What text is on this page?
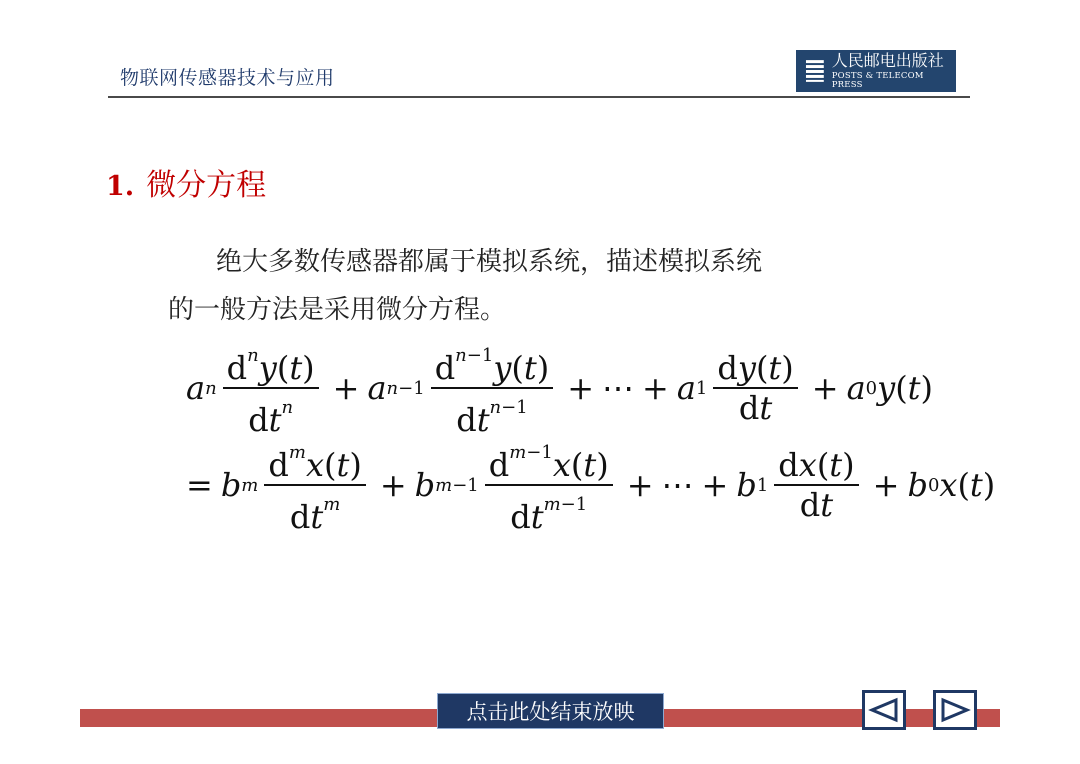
物联网传感器技术与应用
人民邮电出版社
POSTS & TELECOM PRESS
1. 微分方程

绝大多数传感器都属于模拟系统，描述模拟系统

的一般方法是采用微分方程。

a n $\frac{d^ny(t)}{dt^n} + a$ $n-1 \frac{d^{n-1}y(t)}{dt^{n-1}}$ + ⋯ + a $1 \frac{dy(t)}{dt} + a$ 0 y ( t )
= b m $\frac{d^mx(t)}{dt^m} + b$ $m-1 \frac{d^{m-1}x(t)}{dt^{m-1}}$ + ⋯ + b $1 \frac{dx(t)}{dt} + b$ 0 x ( t )
点击此处结束放映
